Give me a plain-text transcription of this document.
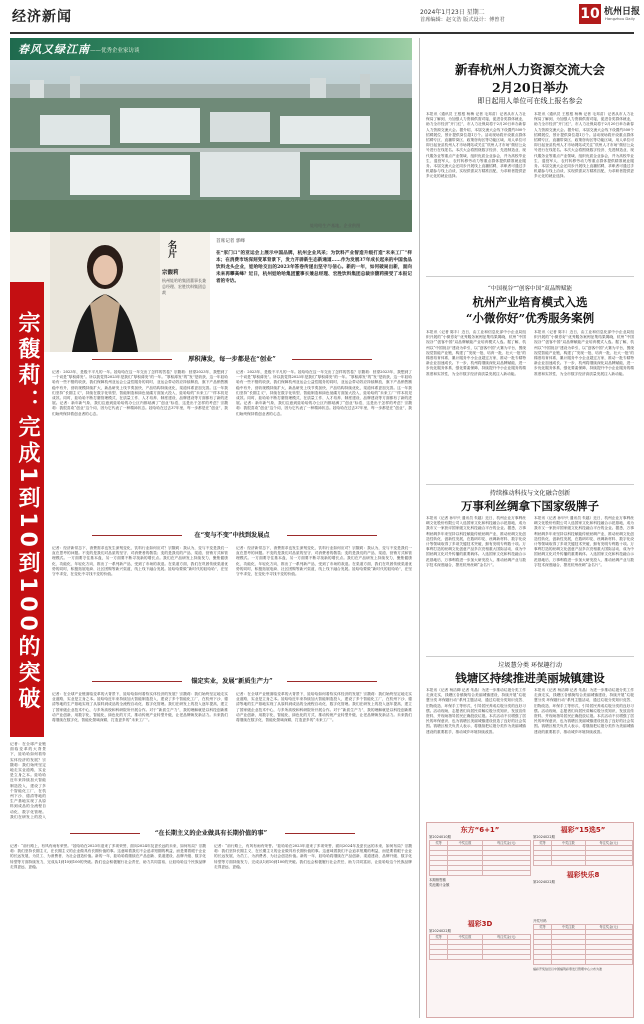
经济新闻	2024年1月23日 星期二
首席编辑：赵文浩 版式设计：傅曾君	10 杭州日报
Hangzhou Daily
春风又绿江南 ——优秀企业家访谈
名片
宗馥莉
杭州娃哈哈集团董事长兼总经理、宏胜饮料集团总裁
娃哈哈生产基地。企业供图
首席记者 郭峰
在“家门口”的亚运会上展示中国品牌，杭州企业风采；为饮料产业智造升级打造“未来工厂”样本；在消费市场深刻变革背景下，发力开辟新生态新通道……作为发展37年成长起来的中国食品饮料龙头企业，娃哈哈交出的2023年答卷传递出坚守与信心。新的一年，如何破局出新，面向未来再攀高峰？近日，杭州娃哈哈集团董事长兼总经理、宏胜饮料集团总裁宗馥莉接受了本报记者的专访。
宗馥莉：完成1到10到100的突破	厚积薄发，每一步都是在“创业”
记者：2023年，是极不平凡的一年。娃哈哈在这一年交出了怎样的答卷？宗馥莉：回望2023年，我想到了一个词是“厚积薄发”。所以我觉得2023年是我们“厚积薄发”的一年。“厚积薄发”的“发”是收获，这一年娃哈哈有一些不错的收获，我们保障杭州亚运会公益性服务的同时，亚运会带动效应持续释放，旗下产品销售额稳中有升，营收规模持续扩大，新品研发上线节奏加快，产品结构持续优化，渠道体系更加完善。这一年我们坚持“长期主义”，持续在数字化转型、智能制造和绿色低碳方面加大投入，娃哈哈的“未来工厂”样本初见成效。同时，娃哈哈不断打磨管理模式，在质量工作、人才培养、制度建设、品牌建设等方面都有了新的进展。记者：新年新气象，我们注意到娃哈哈的办公区内都贴满了“创业”标语，这是出于怎样的考虑？宗馥莉：我很喜欢“创业”这个词，因为它代表了一种精神状态。娃哈哈在过去37年里，每一步都是在“创业”，我们始终保持着创业者的心态。
记者：2023年，是极不平凡的一年。娃哈哈在这一年交出了怎样的答卷？宗馥莉：回望2023年，我想到了一个词是“厚积薄发”。所以我觉得2023年是我们“厚积薄发”的一年。“厚积薄发”的“发”是收获，这一年娃哈哈有一些不错的收获，我们保障杭州亚运会公益性服务的同时，亚运会带动效应持续释放，旗下产品销售额稳中有升，营收规模持续扩大，新品研发上线节奏加快，产品结构持续优化，渠道体系更加完善。这一年我们坚持“长期主义”，持续在数字化转型、智能制造和绿色低碳方面加大投入，娃哈哈的“未来工厂”样本初见成效。同时，娃哈哈不断打磨管理模式，在质量工作、人才培养、制度建设、品牌建设等方面都有了新的进展。记者：新年新气象，我们注意到娃哈哈的办公区内都贴满了“创业”标语，这是出于怎样的考虑？宗馥莉：我很喜欢“创业”这个词，因为它代表了一种精神状态。娃哈哈在过去37年里，每一步都是在“创业”，我们始终保持着创业者的心态。
在“变与不变”中找到发展点
记者：经济新常态下，消费需求也发生深刻变化，饮料行业如何应对？宗馥莉：我认为，变与不变是我们一直在思考的问题。不变的是我们对品质的坚守、对消费者的敬畏；变的是我们的产品、渠道、营销方式和管理模式。一方面要守住基本盘，另一方面要不断寻找新的增长点。我们在产品研发上持续发力，聚焦健康化、功能化、年轻化方向，推出了一系列新产品，受到了市场的欢迎。在渠道方面，我们在巩固传统渠道优势的同时，积极拓展电商、社区团购等新兴渠道，线上线下融合发展。娃哈哈要做“新时代的娃哈哈”，在坚守中求变，在变化中寻找不变的价值。
记者：经济新常态下，消费需求也发生深刻变化，饮料行业如何应对？宗馥莉：我认为，变与不变是我们一直在思考的问题。不变的是我们对品质的坚守、对消费者的敬畏；变的是我们的产品、渠道、营销方式和管理模式。一方面要守住基本盘，另一方面要不断寻找新的增长点。我们在产品研发上持续发力，聚焦健康化、功能化、年轻化方向，推出了一系列新产品，受到了市场的欢迎。在渠道方面，我们在巩固传统渠道优势的同时，积极拓展电商、社区团购等新兴渠道，线上线下融合发展。娃哈哈要做“新时代的娃哈哈”，在坚守中求变，在变化中寻找不变的价值。
锚定实业，发展“新质生产力”
记者：在全球产业链面临变革的大背景下，娃哈哈如何看待实体经济的发展？宗馥莉：我们始终坚定地走实业道路，实业是立身之本。娃哈哈近年来持续加大智能制造投入，建设了多个智能化工厂，在杭州下沙、德清等地的生产基地实现了从原料到成品的全流程自动化、数字化管理。我们在研发上的投入逐年提高，建立了国家级企业技术中心，与多所高校和科研院所开展合作。对于“新质生产力”，我的理解就是以科技创新推动产业创新，用数字化、智能化、绿色化的方式，推动传统产业转型升级，让老品牌焕发新活力。未来我们将继续在数字化、智能化领域深耕，打造更多的“未来工厂”。
记者：在全球产业链面临变革的大背景下，娃哈哈如何看待实体经济的发展？宗馥莉：我们始终坚定地走实业道路，实业是立身之本。娃哈哈近年来持续加大智能制造投入，建设了多个智能化工厂，在杭州下沙、德清等地的生产基地实现了从原料到成品的全流程自动化、数字化管理。我们在研发上的投入逐年提高，建立了国家级企业技术中心，与多所高校和科研院所开展合作。对于“新质生产力”，我的理解就是以科技创新推动产业创新，用数字化、智能化、绿色化的方式，推动传统产业转型升级，让老品牌焕发新活力。未来我们将继续在数字化、智能化领域深耕，打造更多的“未来工厂”。
记者：在全球产业链面临变革的大背景下，娃哈哈如何看待实体经济的发展？宗馥莉：我们始终坚定地走实业道路，实业是立身之本。娃哈哈近年来持续加大智能制造投入，建设了多个智能化工厂，在杭州下沙、德清等地的生产基地实现了从原料到成品的全流程自动化、数字化管理。我们在研发上的投入
“在长期主义的企业做具有长期价值的事”
记者：“前行路上，有风有雨有荣誉。”娃哈哈在2023年迎来了多项荣誉，面向2024年及更长远的未来，如何布局？宗馥莉：我们坚持长期主义，在长期主义的企业做具有长期价值的事。这意味着我们不会追求短期的利益，而是要着眼于企业的长远发展，为员工、为消费者、为社会创造价值。新的一年，娃哈哈将继续在产品创新、渠道建设、品牌升级、数字化转型等方面持续发力，完成从1到10到100的突破。我们也会积极履行社会责任，助力共同富裕，让娃哈哈这个民族品牌走得更远、更稳。
记者：“前行路上，有风有雨有荣誉。”娃哈哈在2023年迎来了多项荣誉，面向2024年及更长远的未来，如何布局？宗馥莉：我们坚持长期主义，在长期主义的企业做具有长期价值的事。这意味着我们不会追求短期的利益，而是要着眼于企业的长远发展，为员工、为消费者、为社会创造价值。新的一年，娃哈哈将继续在产品创新、渠道建设、品牌升级、数字化转型等方面持续发力，完成从1到10到100的突破。我们也会积极履行社会责任，助力共同富裕，让娃哈哈这个民族品牌走得更远、更稳。
新春杭州人力资源交流大会
2月20日举办
即日起用人单位可在线上报名参会
本报讯（通讯员 王根根 杨梅 记者 毛邦苗）记者从市人力社保局了解到，为加强人力资源供需对接，促进各类群体就业，助力全市经济“开门红”，市人力社保局将于2月20日举办新春人力资源交流大会。据介绍，本届交流大会线下设置约500个招聘展位，预计提供岗位超1万个。活动现场将开设重点群体招聘专区、直播带岗区、政策咨询区等功能区域，用人单位可即日起登录杭州人才市场网站或关注“杭州人才市场”微信公众号进行在线报名。本次大会将围绕数字经济、先进制造业、现代服务业等重点产业领域，组织优质企业参会，并为高校毕业生、退役军人、农村转移劳动力等重点群体提供精准就业服务。本届交流大会还同步开展线上直播招聘，求职者可通过手机端参与线上洽谈，实现供需双方精准匹配，为求职者提供更多元化的就业选择。
本报讯（通讯员 王根根 杨梅 记者 毛邦苗）记者从市人力社保局了解到，为加强人力资源供需对接，促进各类群体就业，助力全市经济“开门红”，市人力社保局将于2月20日举办新春人力资源交流大会。据介绍，本届交流大会线下设置约500个招聘展位，预计提供岗位超1万个。活动现场将开设重点群体招聘专区、直播带岗区、政策咨询区等功能区域，用人单位可即日起登录杭州人才市场网站或关注“杭州人才市场”微信公众号进行在线报名。本次大会将围绕数字经济、先进制造业、现代服务业等重点产业领域，组织优质企业参会，并为高校毕业生、退役军人、农村转移劳动力等重点群体提供精准就业服务。本届交流大会还同步开展线上直播招聘，求职者可通过手机端参与线上洽谈，实现供需双方精准匹配，为求职者提供更多元化的就业选择。
“中国视谷”“创客中国”双品牌赋能
杭州产业培育模式入选
“小微你好”优秀服务案例
本报讯（记者 陈丰）近日，由工业和信息化部中小企业局组织开展的“小微你好”优秀服务案例征集结果揭晓，杭州“中国视谷”“创客中国”双品牌赋能产业培育模式入选。据了解，杭州以“中国视谷”建设为牵引，以“创客中国”大赛为平台，围绕视觉智能产业链，构建了“发现一批、培育一批、壮大一批”的梯度培育体系，累计服务中小企业超过万家，推动一批专精特新企业加速成长。下一步，杭州将继续深化双品牌赋能，进一步优化服务体系，强化要素保障，持续提升中小企业服务的精准度和实效性，为全市数字经济高质量发展注入新动能。
本报讯（记者 陈丰）近日，由工业和信息化部中小企业局组织开展的“小微你好”优秀服务案例征集结果揭晓，杭州“中国视谷”“创客中国”双品牌赋能产业培育模式入选。据了解，杭州以“中国视谷”建设为牵引，以“创客中国”大赛为平台，围绕视觉智能产业链，构建了“发现一批、培育一批、壮大一批”的梯度培育体系，累计服务中小企业超过万家，推动一批专精特新企业加速成长。下一步，杭州将继续深化双品牌赋能，进一步优化服务体系，强化要素保障，持续提升中小企业服务的精准度和实效性，为全市数字经济高质量发展注入新动能。
持续推动科技与文化融合创新
万事利丝绸拿下国家级牌子
本报讯（记者 孙甲兴 通讯员 朱越）近日，杭州企业万事利丝绸文化股份有限公司入选国家文化和科技融合示范基地，成为我市又一家获评国家级文化科技融合平台的企业。据悉，万事利丝绸多年来坚持以科技赋能传统丝绸产业，推动丝绸文化创造性转化、创新性发展，在数码印花、丝绸新材料、数字化设计等领域取得了多项关键技术突破，拥有发明专利数十项。万事利打造的丝绸文化创意产品多次亮相重大国际活动，成为中国丝绸文化对外传播的重要载体。入选国家文化和科技融合示范基地后，万事利将进一步加大研发投入，推动丝绸产业与数字技术深度融合，擦亮杭州丝绸“金名片”。
本报讯（记者 孙甲兴 通讯员 朱越）近日，杭州企业万事利丝绸文化股份有限公司入选国家文化和科技融合示范基地，成为我市又一家获评国家级文化科技融合平台的企业。据悉，万事利丝绸多年来坚持以科技赋能传统丝绸产业，推动丝绸文化创造性转化、创新性发展，在数码印花、丝绸新材料、数字化设计等领域取得了多项关键技术突破，拥有发明专利数十项。万事利打造的丝绸文化创意产品多次亮相重大国际活动，成为中国丝绸文化对外传播的重要载体。入选国家文化和科技融合示范基地后，万事利将进一步加大研发投入，推动丝绸产业与数字技术深度融合，擦亮杭州丝绸“金名片”。
垃圾慧分类 环保趣行动
钱塘区持续推进美丽城镇建设
本报讯（记者 杨洁卿 记者 朱晶）为进一步推动垃圾分类工作走深走实，钱塘区各镇街结合美丽城镇建设，持续开展“垃圾慧分类 环保趣行动”系列主题活动，通过垃圾分类知识竞答、旧物改造、环保手工等形式，引导居民养成垃圾分类的良好习惯。活动现场，志愿者们向居民讲解垃圾分类知识，发放宣传资料，并现场指导居民正确投放垃圾。本次活动不仅增强了居民的环保意识，也为钱塘区美丽城镇建设营造了良好的社会氛围。钱塘区相关负责人表示，将继续把垃圾分类作为美丽城镇建设的重要抓手，推动城乡环境持续改善。
本报讯（记者 杨洁卿 记者 朱晶）为进一步推动垃圾分类工作走深走实，钱塘区各镇街结合美丽城镇建设，持续开展“垃圾慧分类 环保趣行动”系列主题活动，通过垃圾分类知识竞答、旧物改造、环保手工等形式，引导居民养成垃圾分类的良好习惯。活动现场，志愿者们向居民讲解垃圾分类知识，发放宣传资料，并现场指导居民正确投放垃圾。本次活动不仅增强了居民的环保意识，也为钱塘区美丽城镇建设营造了良好的社会氛围。钱塘区相关负责人表示，将继续把垃圾分类作为美丽城镇建设的重要抓手，推动城乡环境持续改善。
东方“6+1”
第2024010期
奖等	中奖注数	每注奖金(元)

本期销售额
奖池累计金额
福彩“15选5”
第2024022期
奖等	中奖注数	每注奖金(元)

福彩快乐8
第2024022期
福彩3D
第2024022期
奖等	中奖注数	每注奖金(元)

开奖号码
奖等	中奖注数	每注奖金(元)

福彩开奖信息以中国福利彩票发行管理中心公布为准
